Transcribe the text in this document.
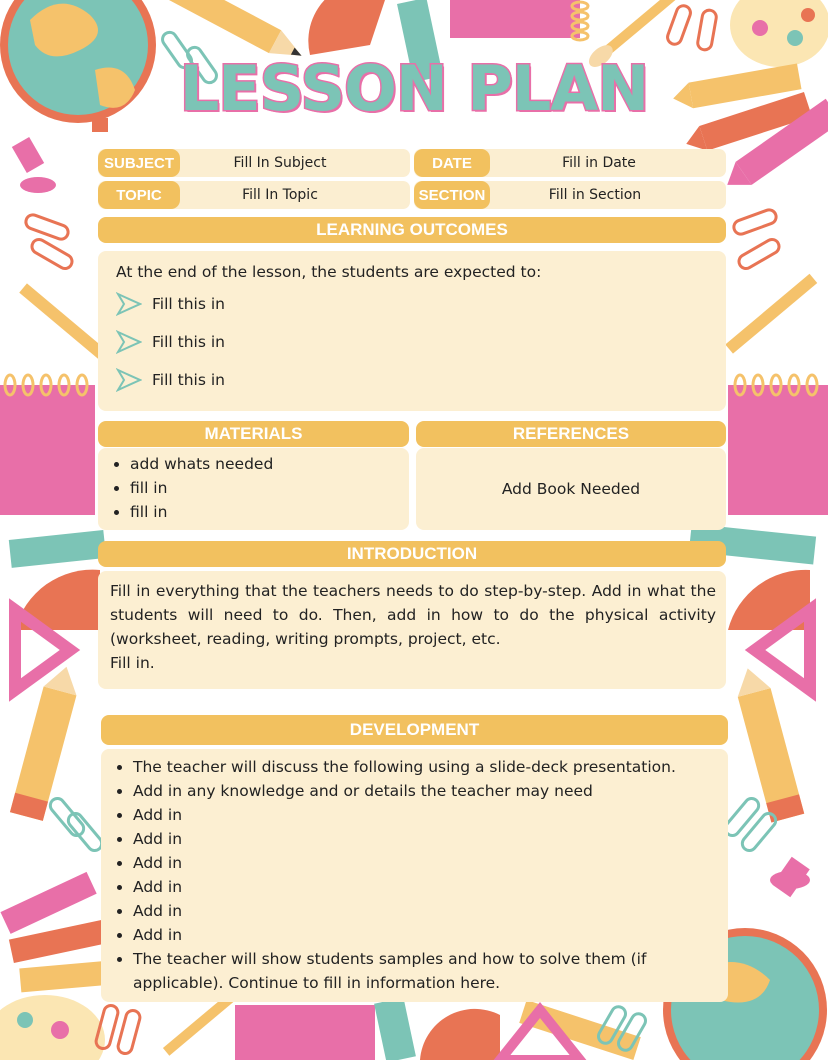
LESSON PLAN
SUBJECT	Fill In Subject	DATE	Fill in Date
TOPIC	Fill In Topic	SECTION	Fill in Section
LEARNING OUTCOMES
At the end of the lesson, the students are expected to:
Fill this in
Fill this in
Fill this in
MATERIALS
• add whats needed
• fill in
• fill in
REFERENCES
Add Book Needed
INTRODUCTION
Fill in everything that the teachers needs to do step-by-step. Add in what the students will need to do. Then, add in how to do the physical activity (worksheet, reading, writing prompts, project, etc.
Fill in.
DEVELOPMENT
• The teacher will discuss the following using a slide-deck presentation.
• Add in any knowledge and or details the teacher may need
• Add in
• Add in
• Add in
• Add in
• Add in
• Add in
• The teacher will show students samples and how to solve them (if applicable). Continue to fill in information here.
